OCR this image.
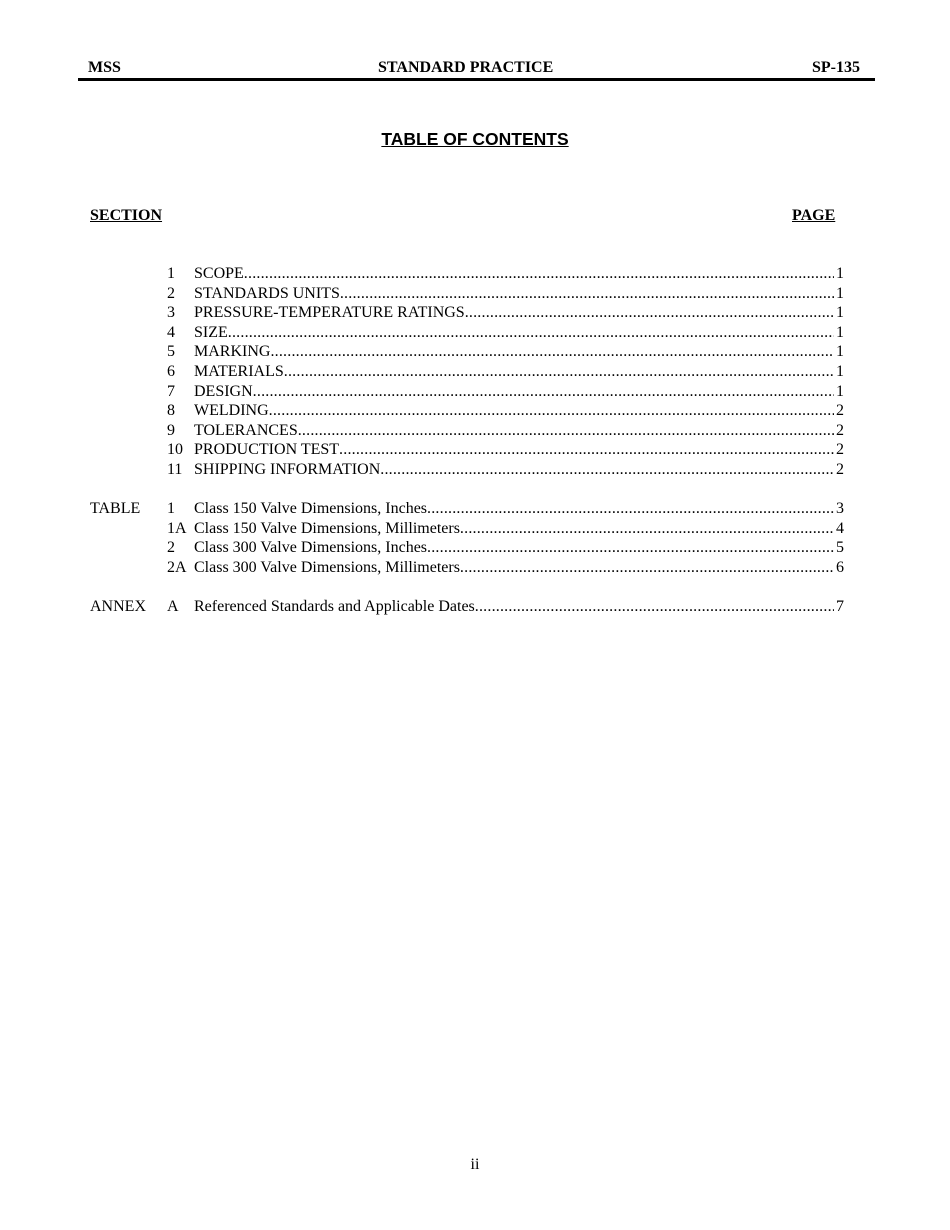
MSS	STANDARD PRACTICE	SP-135
TABLE OF CONTENTS
SECTION	PAGE
1 SCOPE .....	1
2 STANDARDS UNITS .....	1
3 PRESSURE-TEMPERATURE RATINGS .....	1
4 SIZE .....	1
5 MARKING .....	1
6 MATERIALS .....	1
7 DESIGN .....	1
8 WELDING .....	2
9 TOLERANCES .....	2
10 PRODUCTION TEST .....	2
11 SHIPPING INFORMATION .....	2
TABLE 1 Class 150 Valve Dimensions, Inches .....	3
1A Class 150 Valve Dimensions, Millimeters .....	4
2 Class 300 Valve Dimensions, Inches .....	5
2A Class 300 Valve Dimensions, Millimeters .....	6
ANNEX A Referenced Standards and Applicable Dates .....	7
ii
